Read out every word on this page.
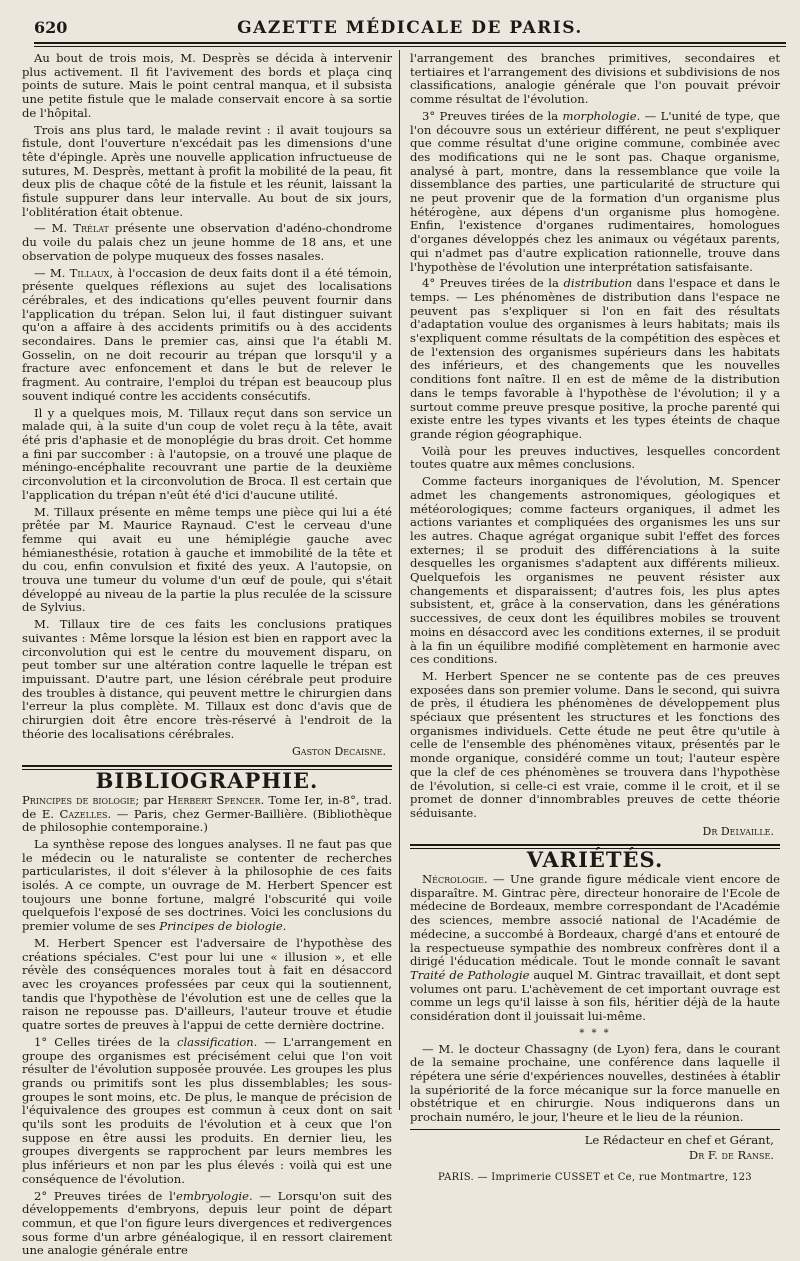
620	GAZETTE MÉDICALE DE PARIS.

Au bout de trois mois, M. Desprès se décida à intervenir plus activement. Il fit l'avivement des bords et plaça cinq points de suture. Mais le point central manqua, et il subsista une petite fistule que le malade conservait encore à sa sortie de l'hôpital.

Trois ans plus tard, le malade revint : il avait toujours sa fistule, dont l'ouverture n'excédait pas les dimensions d'une tête d'épingle. Après une nouvelle application infructueuse de sutures, M. Desprès, mettant à profit la mobilité de la peau, fit deux plis de chaque côté de la fistule et les réunit, laissant la fistule suppurer dans leur intervalle. Au bout de six jours, l'oblitération était obtenue.

— M. Trélat présente une observation d'adéno-chondrome du voile du palais chez un jeune homme de 18 ans, et une observation de polype muqueux des fosses nasales.

— M. Tillaux, à l'occasion de deux faits dont il a été témoin, présente quelques réflexions au sujet des localisations cérébrales, et des indications qu'elles peuvent fournir dans l'application du trépan. Selon lui, il faut distinguer suivant qu'on a affaire à des accidents primitifs ou à des accidents secondaires. Dans le premier cas, ainsi que l'a établi M. Gosselin, on ne doit recourir au trépan que lorsqu'il y a fracture avec enfoncement et dans le but de relever le fragment. Au contraire, l'emploi du trépan est beaucoup plus souvent indiqué contre les accidents consécutifs.

Il y a quelques mois, M. Tillaux reçut dans son service un malade qui, à la suite d'un coup de volet reçu à la tête, avait été pris d'aphasie et de monoplégie du bras droit. Cet homme a fini par succomber : à l'autopsie, on a trouvé une plaque de méningo-encéphalite recouvrant une partie de la deuxième circonvolution et la circonvolution de Broca. Il est certain que l'application du trépan n'eût été d'ici d'aucune utilité.

M. Tillaux présente en même temps une pièce qui lui a été prêtée par M. Maurice Raynaud. C'est le cerveau d'une femme qui avait eu une hémiplégie gauche avec hémianesthésie, rotation à gauche et immobilité de la tête et du cou, enfin convulsion et fixité des yeux. A l'autopsie, on trouva une tumeur du volume d'un œuf de poule, qui s'était développé au niveau de la partie la plus reculée de la scissure de Sylvius.

M. Tillaux tire de ces faits les conclusions pratiques suivantes : Même lorsque la lésion est bien en rapport avec la circonvolution qui est le centre du mouvement disparu, on peut tomber sur une altération contre laquelle le trépan est impuissant. D'autre part, une lésion cérébrale peut produire des troubles à distance, qui peuvent mettre le chirurgien dans l'erreur la plus complète. M. Tillaux est donc d'avis que de chirurgien doit être encore très-réservé à l'endroit de la théorie des localisations cérébrales.

Gaston Decaisne.

BIBLIOGRAPHIE.

Principes de biologie; par Herbert Spencer. Tome Ier, in-8°, trad. de E. Cazelles. — Paris, chez Germer-Baillière. (Bibliothèque de philosophie contemporaine.)

La synthèse repose des longues analyses. Il ne faut pas que le médecin ou le naturaliste se contenter de recherches particularistes, il doit s'élever à la philosophie de ces faits isolés. A ce compte, un ouvrage de M. Herbert Spencer est toujours une bonne fortune, malgré l'obscurité qui voile quelquefois l'exposé de ses doctrines. Voici les conclusions du premier volume de ses Principes de biologie.

M. Herbert Spencer est l'adversaire de l'hypothèse des créations spéciales. C'est pour lui une « illusion », et elle révèle des conséquences morales tout à fait en désaccord avec les croyances professées par ceux qui la soutiennent, tandis que l'hypothèse de l'évolution est une de celles que la raison ne repousse pas. D'ailleurs, l'auteur trouve et étudie quatre sortes de preuves à l'appui de cette dernière doctrine.

1° Celles tirées de la classification. — L'arrangement en groupe des organismes est précisément celui que l'on voit résulter de l'évolution supposée prouvée. Les groupes les plus grands ou primitifs sont les plus dissemblables; les sous-groupes le sont moins, etc. De plus, le manque de précision de l'équivalence des groupes est commun à ceux dont on sait qu'ils sont les produits de l'évolution et à ceux que l'on suppose en être aussi les produits. En dernier lieu, les groupes divergents se rapprochent par leurs membres les plus inférieurs et non par les plus élevés : voilà qui est une conséquence de l'évolution.

2° Preuves tirées de l'embryologie. — Lorsqu'on suit des développements d'embryons, depuis leur point de départ commun, et que l'on figure leurs divergences et redivergences sous forme d'un arbre généalogique, il en ressort clairement une analogie générale entre

l'arrangement des branches primitives, secondaires et tertiaires et l'arrangement des divisions et subdivisions de nos classifications, analogie générale que l'on pouvait prévoir comme résultat de l'évolution.

3° Preuves tirées de la morphologie. — L'unité de type, que l'on découvre sous un extérieur différent, ne peut s'expliquer que comme résultat d'une origine commune, combinée avec des modifications qui ne le sont pas. Chaque organisme, analysé à part, montre, dans la ressemblance que voile la dissemblance des parties, une particularité de structure qui ne peut provenir que de la formation d'un organisme plus hétérogène, aux dépens d'un organisme plus homogène. Enfin, l'existence d'organes rudimentaires, homologues d'organes développés chez les animaux ou végétaux parents, qui n'admet pas d'autre explication rationnelle, trouve dans l'hypothèse de l'évolution une interprétation satisfaisante.

4° Preuves tirées de la distribution dans l'espace et dans le temps. — Les phénomènes de distribution dans l'espace ne peuvent pas s'expliquer si l'on en fait des résultats d'adaptation voulue des organismes à leurs habitats; mais ils s'expliquent comme résultats de la compétition des espèces et de l'extension des organismes supérieurs dans les habitats des inférieurs, et des changements que les nouvelles conditions font naître. Il en est de même de la distribution dans le temps favorable à l'hypothèse de l'évolution; il y a surtout comme preuve presque positive, la proche parenté qui existe entre les types vivants et les types éteints de chaque grande région géographique.

Voilà pour les preuves inductives, lesquelles concordent toutes quatre aux mêmes conclusions.

Comme facteurs inorganiques de l'évolution, M. Spencer admet les changements astronomiques, géologiques et météorologiques; comme facteurs organiques, il admet les actions variantes et compliquées des organismes les uns sur les autres. Chaque agrégat organique subit l'effet des forces externes; il se produit des différenciations à la suite desquelles les organismes s'adaptent aux différents milieux. Quelquefois les organismes ne peuvent résister aux changements et disparaissent; d'autres fois, les plus aptes subsistent, et, grâce à la conservation, dans les générations successives, de ceux dont les équilibres mobiles se trouvent moins en désaccord avec les conditions externes, il se produit à la fin un équilibre modifié complètement en harmonie avec ces conditions.

M. Herbert Spencer ne se contente pas de ces preuves exposées dans son premier volume. Dans le second, qui suivra de près, il étudiera les phénomènes de développement plus spéciaux que présentent les structures et les fonctions des organismes individuels. Cette étude ne peut être qu'utile à celle de l'ensemble des phénomènes vitaux, présentés par le monde organique, considéré comme un tout; l'auteur espère que la clef de ces phénomènes se trouvera dans l'hypothèse de l'évolution, si celle-ci est vraie, comme il le croit, et il se promet de donner d'innombrables preuves de cette théorie séduisante.

Dr Delvaille.

VARIÉTÉS.

Nécrologie. — Une grande figure médicale vient encore de disparaître. M. Gintrac père, directeur honoraire de l'Ecole de médecine de Bordeaux, membre correspondant de l'Académie des sciences, membre associé national de l'Académie de médecine, a succombé à Bordeaux, chargé d'ans et entouré de la respectueuse sympathie des nombreux confrères dont il a dirigé l'éducation médicale. Tout le monde connaît le savant Traité de Pathologie auquel M. Gintrac travaillait, et dont sept volumes ont paru. L'achèvement de cet important ouvrage est comme un legs qu'il laisse à son fils, héritier déjà de la haute considération dont il jouissait lui-même.

* * *

— M. le docteur Chassagny (de Lyon) fera, dans le courant de la semaine prochaine, une conférence dans laquelle il répétera une série d'expériences nouvelles, destinées à établir la supériorité de la force mécanique sur la force manuelle en obstétrique et en chirurgie. Nous indiquerons dans un prochain numéro, le jour, l'heure et le lieu de la réunion.

Le Rédacteur en chef et Gérant,

Dr F. de Ranse.

PARIS. — Imprimerie CUSSET et Ce, rue Montmartre, 123
